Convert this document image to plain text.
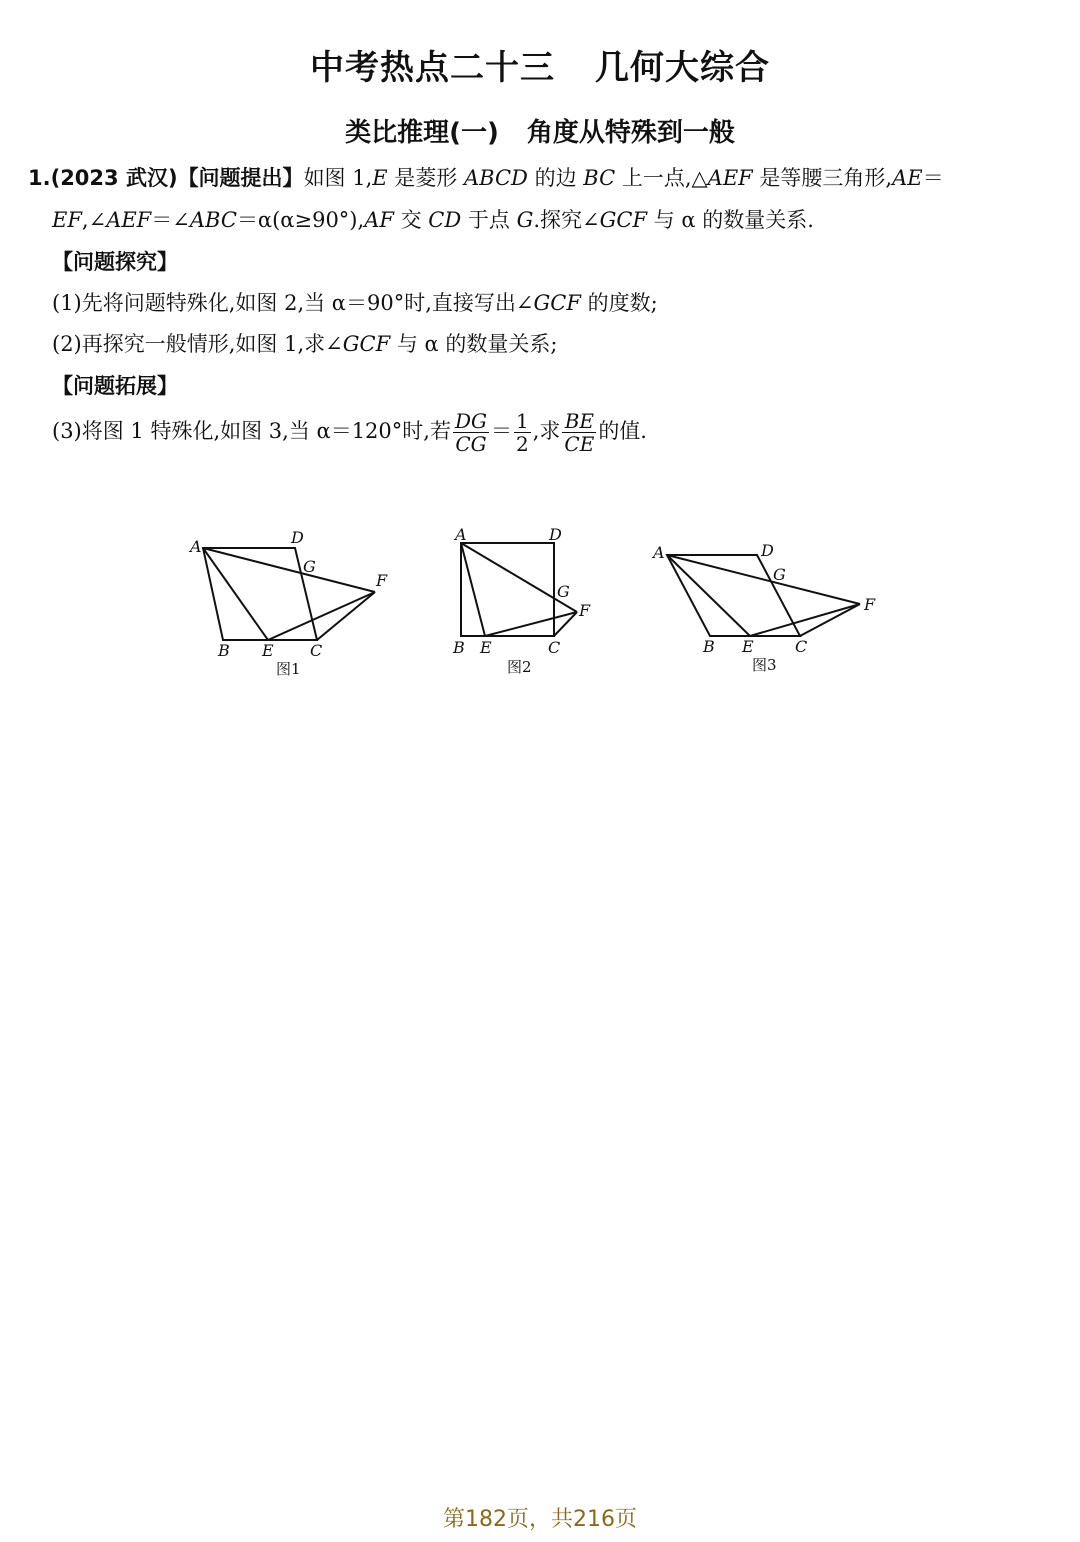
中考热点二十三 几何大综合
类比推理(一) 角度从特殊到一般
1.(2023 武汉)【问题提出】如图 1,E 是菱形 ABCD 的边 BC 上一点,△AEF 是等腰三角形,AE＝
EF,∠AEF＝∠ABC＝α(α≥90°),AF 交 CD 于点 G.探究∠GCF 与 α 的数量关系.
【问题探究】
(1)先将问题特殊化,如图 2,当 α＝90°时,直接写出∠GCF 的度数;
(2)再探究一般情形,如图 1,求∠GCF 与 α 的数量关系;
【问题拓展】
(3)将图 1 特殊化,如图 3,当 α＝120°时,若 $\frac{DG}{CG} = \frac{1}{2}$ ,求 $\frac{BE}{CE}$ 的值.
A	D
G
F
B E C
A	D
G
F
B E	C
A	D
G
F
B E	C
图1	图2	图3
第182页，共216页
